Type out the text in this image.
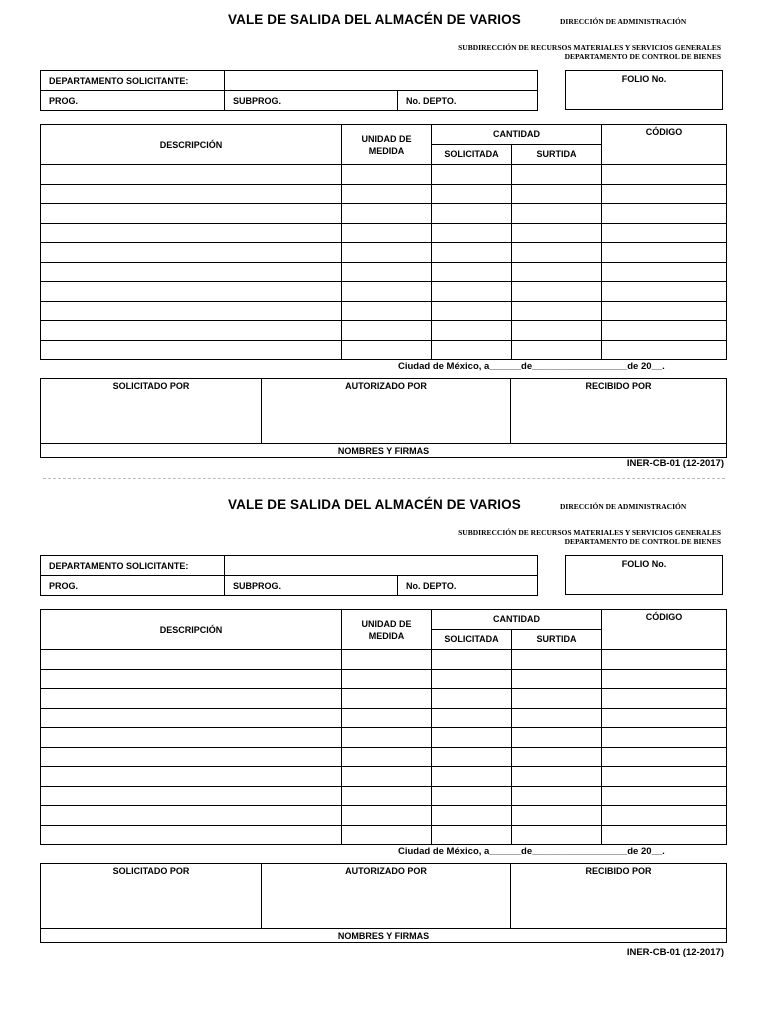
VALE DE SALIDA DEL ALMACÉN DE VARIOS	DIRECCIÓN DE ADMINISTRACIÓN
SUBDIRECCIÓN DE RECURSOS MATERIALES Y SERVICIOS GENERALES
DEPARTAMENTO DE CONTROL DE BIENES
DEPARTAMENTO SOLICITANTE:		
PROG.	SUBPROG.	No. DEPTO.
FOLIO No.
DESCRIPCIÓN	UNIDAD DE MEDIDA	CANTIDAD		CÓDIGO
		SOLICITADA	SURTIDA	

Ciudad de México, a______de__________________de 20__.
SOLICITADO POR	AUTORIZADO POR	RECIBIDO POR
NOMBRES Y FIRMAS
INER-CB-01 (12-2017)
VALE DE SALIDA DEL ALMACÉN DE VARIOS	DIRECCIÓN DE ADMINISTRACIÓN
SUBDIRECCIÓN DE RECURSOS MATERIALES Y SERVICIOS GENERALES
DEPARTAMENTO DE CONTROL DE BIENES
DEPARTAMENTO SOLICITANTE:		
PROG.	SUBPROG.	No. DEPTO.
FOLIO No.
DESCRIPCIÓN	UNIDAD DE MEDIDA	CANTIDAD		CÓDIGO
		SOLICITADA	SURTIDA	

Ciudad de México, a______de__________________de 20__.
SOLICITADO POR	AUTORIZADO POR	RECIBIDO POR
NOMBRES Y FIRMAS
INER-CB-01 (12-2017)
